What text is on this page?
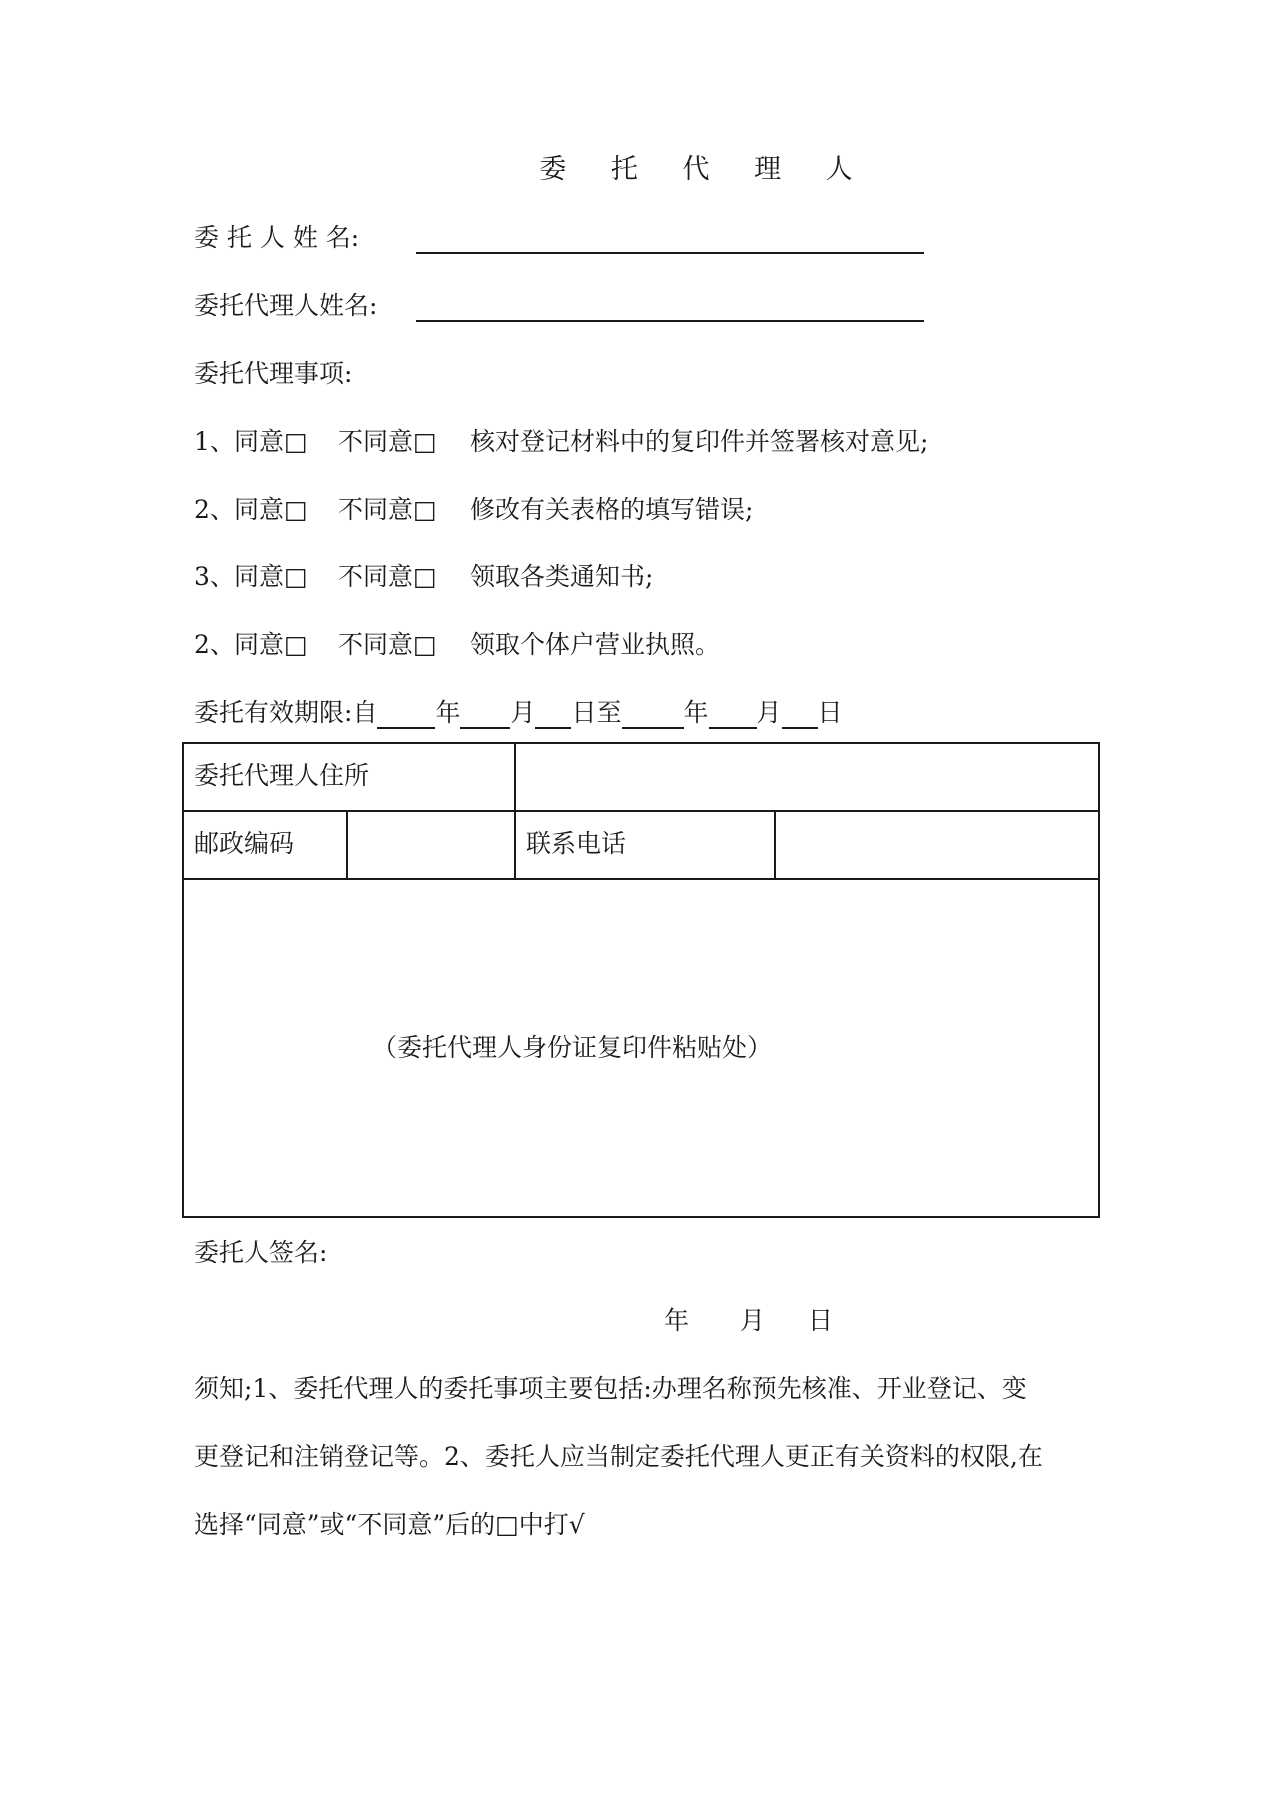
委 托 代 理 人
委 托 人 姓 名:
委托代理人姓名:
委托代理事项:
1、 同意□ 不同意□ 核对登记材料中的复印件并签署核对意见;
2、 同意□ 不同意□ 修改有关表格的填写错误;
3、 同意□ 不同意□ 领取各类通知书;
2、 同意□ 不同意□ 领取个体户营业执照。
委托有效期限:自 年 月 日至 年 月 日
委托代理人住所
邮政编码	联系电话
（委托代理人身份证复印件粘贴处）
委托人签名:
年 月 日
须知;1、委托代理人的委托事项主要包括:办理名称预先核准、开业登记、变
更登记和注销登记等。2、委托人应当制定委托代理人更正有关资料的权限,在
选择“同意”或“不同意”后的□中打√
